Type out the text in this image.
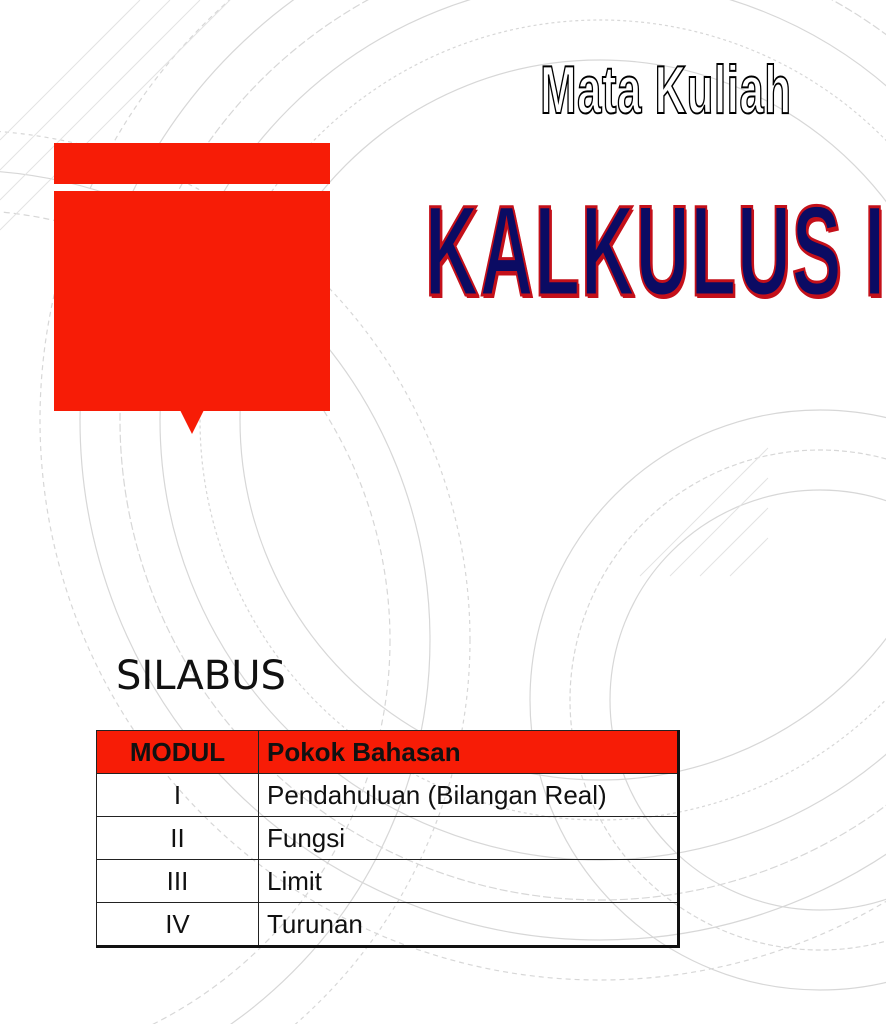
Mata Kuliah
KALKULUS I
SILABUS
MODUL	Pokok Bahasan
I	Pendahuluan (Bilangan Real)
II	Fungsi
III	Limit
IV	Turunan
